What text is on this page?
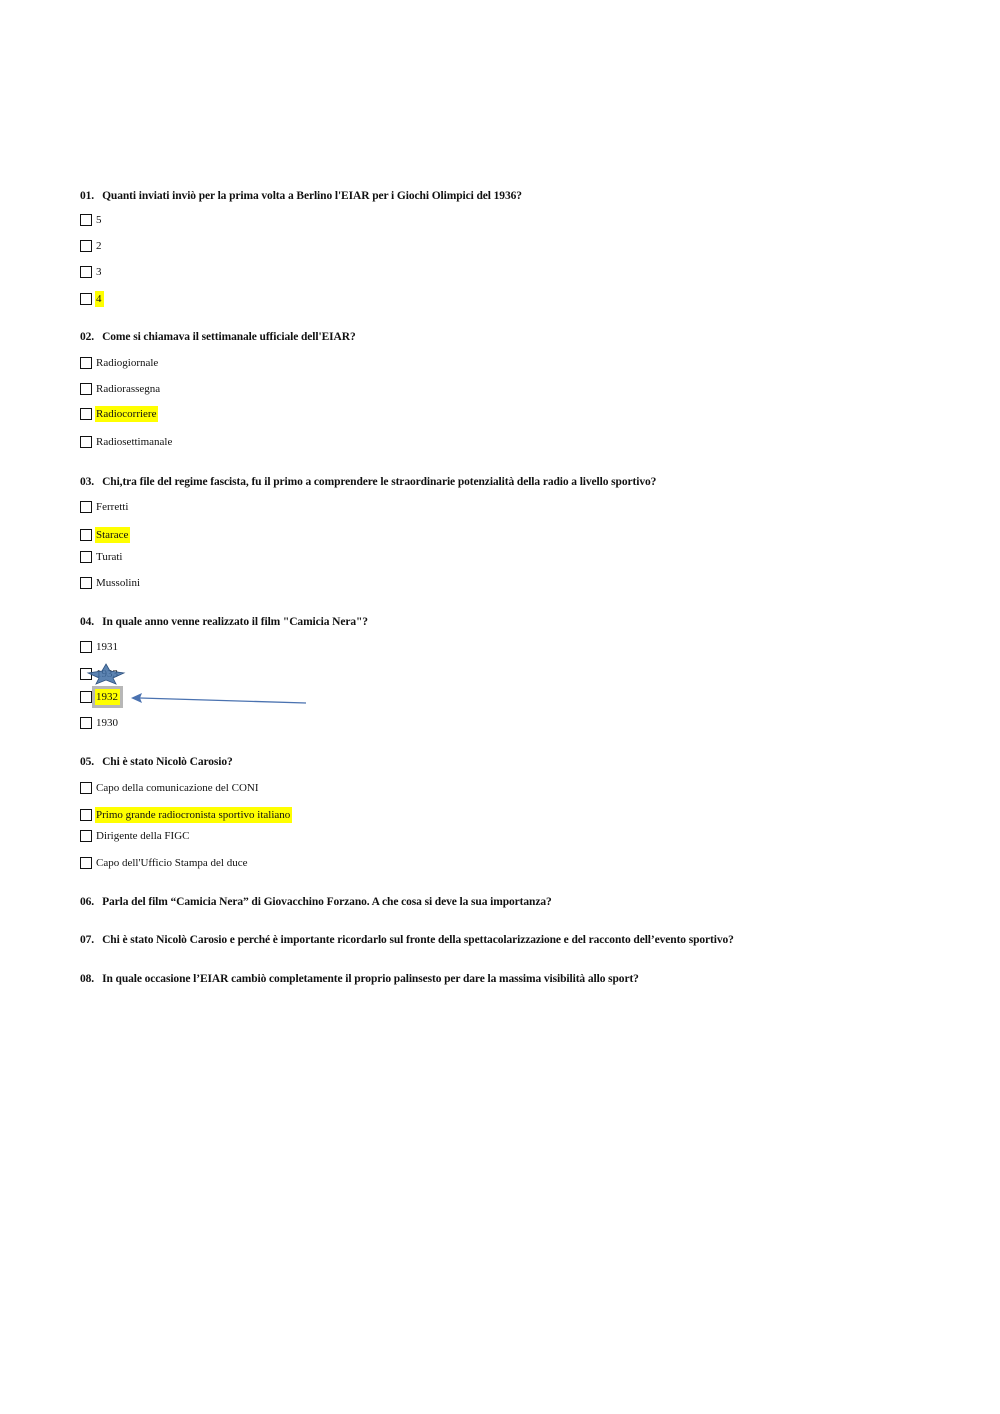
01. Quanti inviati inviò per la prima volta a Berlino l'EIAR per i Giochi Olimpici del 1936?
5
2
3
4
02. Come si chiamava il settimanale ufficiale dell'EIAR?
Radiogiornale
Radiorassegna
Radiocorriere
Radiosettimanale
03. Chi,tra file del regime fascista, fu il primo a comprendere le straordinarie potenzialità della radio a livello sportivo?
Ferretti
Starace
Turati
Mussolini
04. In quale anno venne realizzato il film "Camicia Nera"?
1931
1932
1930
05. Chi è stato Nicolò Carosio?
Capo della comunicazione del CONI
Primo grande radiocronista sportivo italiano
Dirigente della FIGC
Capo dell'Ufficio Stampa del duce
06. Parla del film “Camicia Nera” di Giovacchino Forzano. A che cosa si deve la sua importanza?
07. Chi è stato Nicolò Carosio e perché è importante ricordarlo sul fronte della spettacolarizzazione e del racconto dell’evento sportivo?
08. In quale occasione l’EIAR cambiò completamente il proprio palinsesto per dare la massima visibilità allo sport?
